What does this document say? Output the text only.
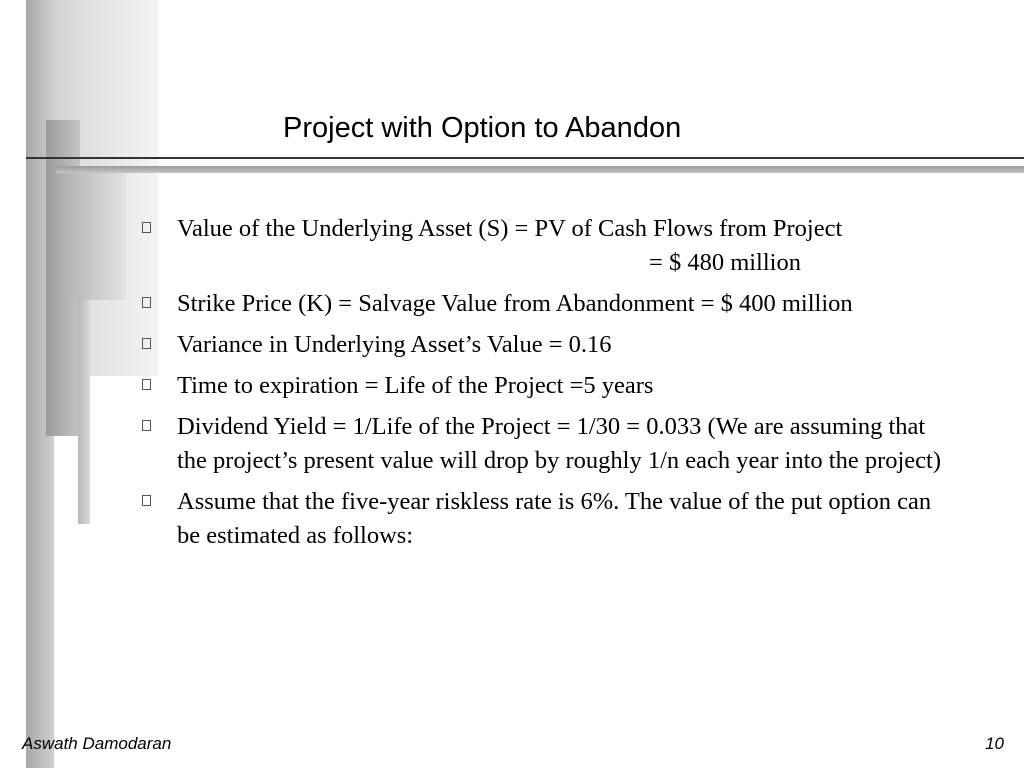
Project with Option to Abandon
Value of the Underlying Asset (S) = PV of Cash Flows from Project
= $ 480 million
Strike Price (K) = Salvage Value from Abandonment = $ 400 million
Variance in Underlying Asset’s Value = 0.16
Time to expiration = Life of the Project =5 years
Dividend Yield = 1/Life of the Project = 1/30 = 0.033 (We are assuming that the project’s present value will drop by roughly 1/n each year into the project)
Assume that the five-year riskless rate is 6%. The value of the put option can be estimated as follows:
Aswath Damodaran	10
